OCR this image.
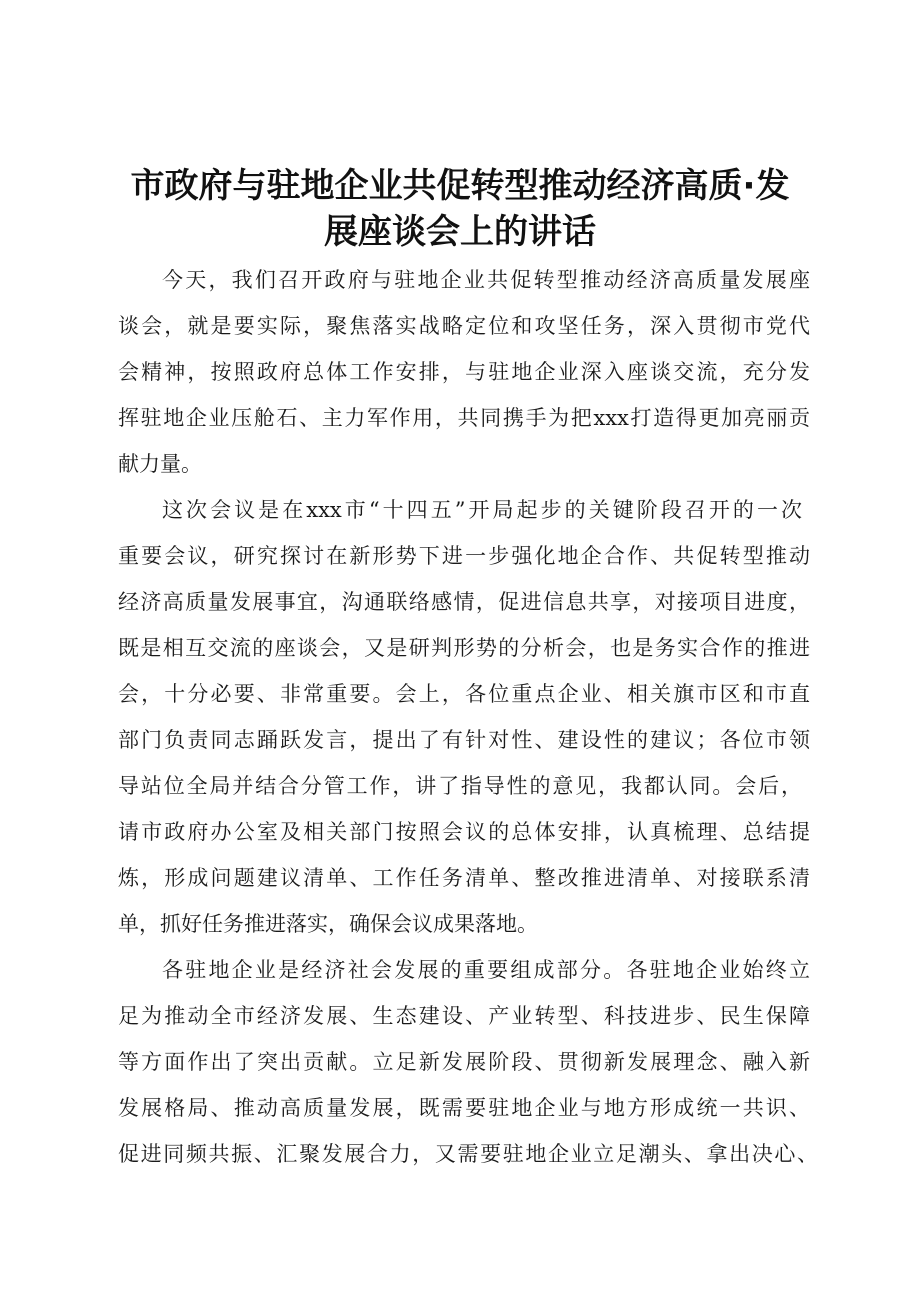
市政府与驻地企业共促转型推动经济高质·发
展座谈会上的讲话
今天，我们召开政府与驻地企业共促转型推动经济高质量发展座
谈会，就是要实际，聚焦落实战略定位和攻坚任务，深入贯彻市党代
会精神，按照政府总体工作安排，与驻地企业深入座谈交流，充分发
挥驻地企业压舱石、主力军作用，共同携手为把xxx打造得更加亮丽贡
献力量。
这次会议是在xxx市“十四五”开局起步的关键阶段召开的一次
重要会议，研究探讨在新形势下进一步强化地企合作、共促转型推动
经济高质量发展事宜，沟通联络感情，促进信息共享，对接项目进度，
既是相互交流的座谈会，又是研判形势的分析会，也是务实合作的推进
会，十分必要、非常重要。会上，各位重点企业、相关旗市区和市直
部门负责同志踊跃发言，提出了有针对性、建设性的建议；各位市领
导站位全局并结合分管工作，讲了指导性的意见，我都认同。会后，
请市政府办公室及相关部门按照会议的总体安排，认真梳理、总结提
炼，形成问题建议清单、工作任务清单、整改推进清单、对接联系清
单，抓好任务推进落实，确保会议成果落地。
各驻地企业是经济社会发展的重要组成部分。各驻地企业始终立
足为推动全市经济发展、生态建设、产业转型、科技进步、民生保障
等方面作出了突出贡献。立足新发展阶段、贯彻新发展理念、融入新
发展格局、推动高质量发展，既需要驻地企业与地方形成统一共识、
促进同频共振、汇聚发展合力，又需要驻地企业立足潮头、拿出决心、
